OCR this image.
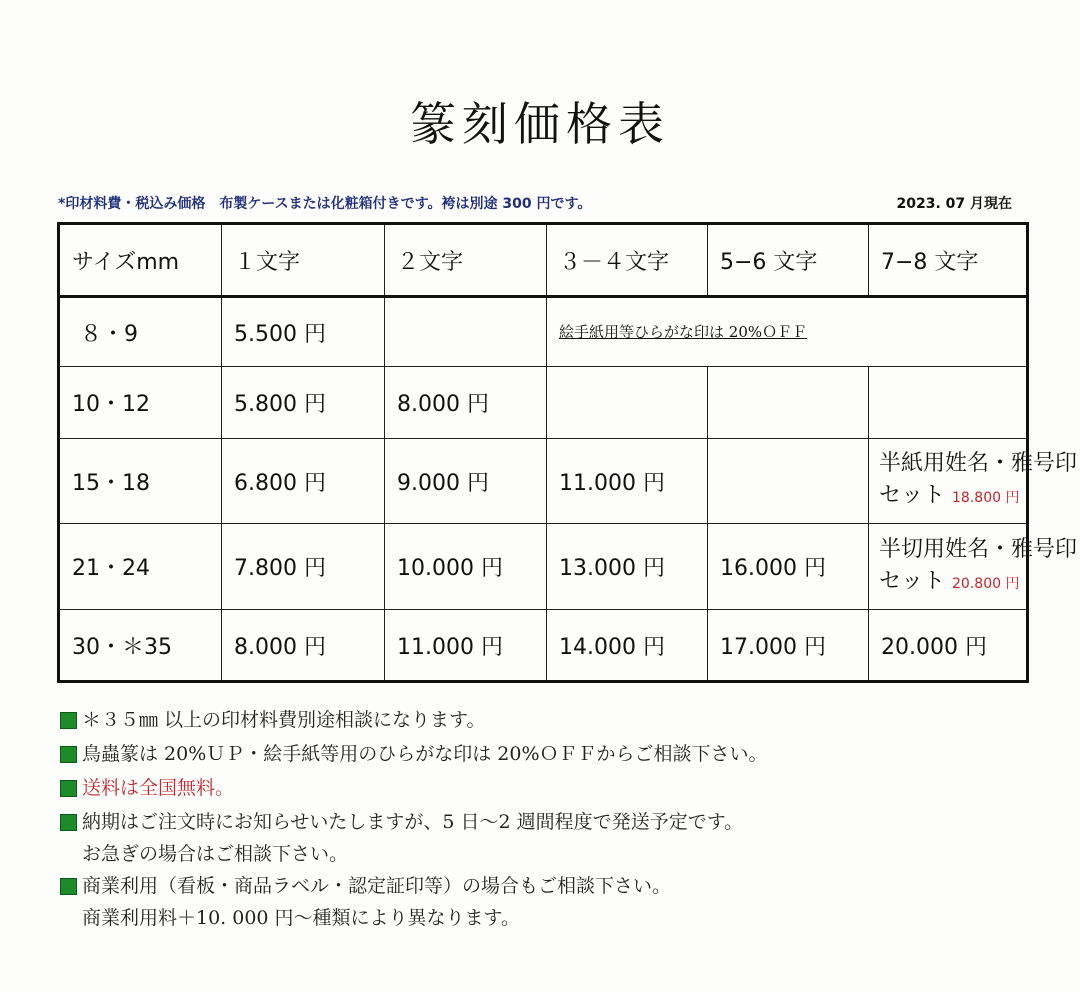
篆刻価格表
*印材料費・税込み価格　布製ケースまたは化粧箱付きです。袴は別途 300 円です。	2023. 07 月現在
サイズmm	１文字	２文字	３－４文字	5−6 文字	7−8 文字
８・9	5.500 円		絵手紙用等ひらがな印は 20%ＯＦＦ		
10・12	5.800 円	8.000 円			
15・18	6.800 円	9.000 円	11.000 円		半紙用姓名・雅号印
セット 18.800 円

21・24	7.800 円	10.000 円	13.000 円	16.000 円	半切用姓名・雅号印
セット 20.800 円

30・＊35	8.000 円	11.000 円	14.000 円	17.000 円	20.000 円
＊３５㎜ 以上の印材料費別途相談になります。
鳥蟲篆は 20%ＵＰ・絵手紙等用のひらがな印は 20%ＯＦＦからご相談下さい。
送料は全国無料。
納期はご注文時にお知らせいたしますが、5 日～2 週間程度で発送予定です。
お急ぎの場合はご相談下さい。
商業利用（看板・商品ラベル・認定証印等）の場合もご相談下さい。
商業利用料＋10. 000 円～種類により異なります。
